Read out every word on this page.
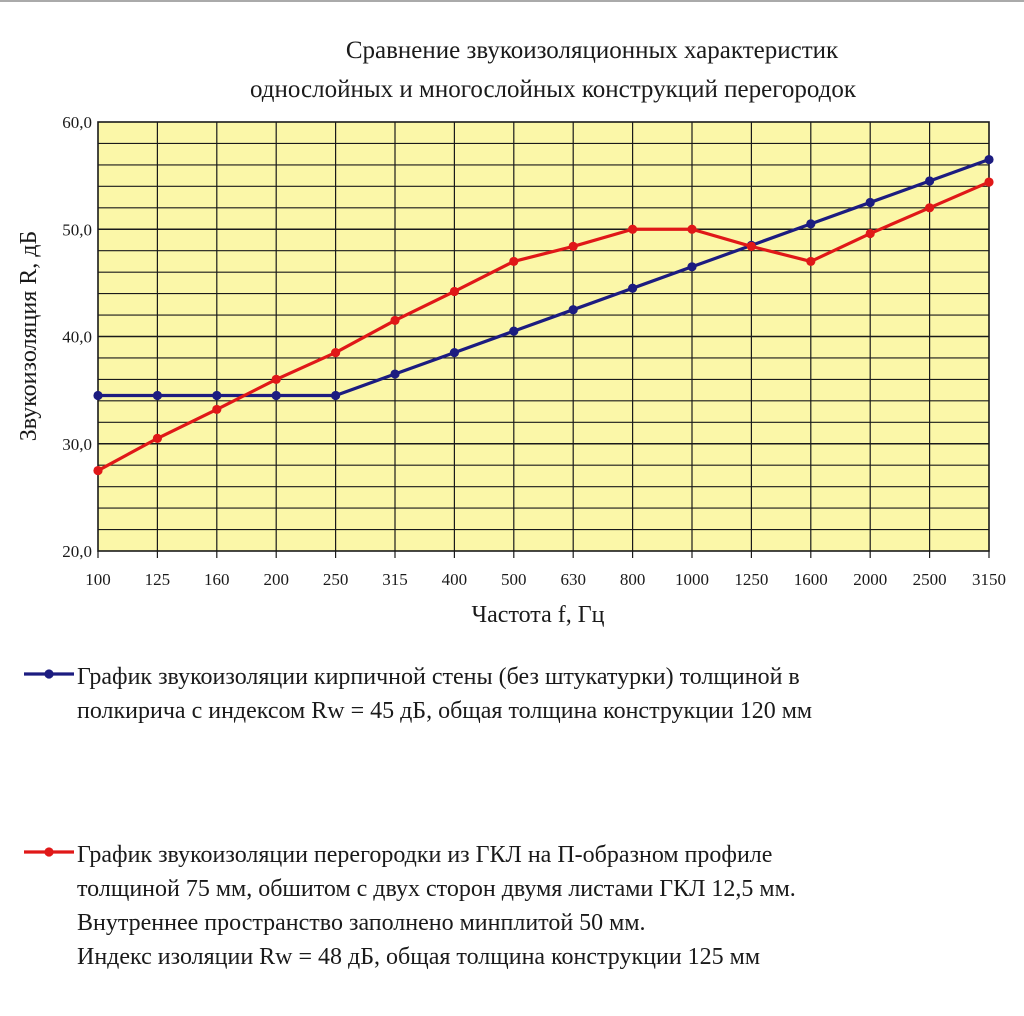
Сравнение звукоизоляционных характеристик
однослойных и многослойных конструкций перегородок
20,0
30,0
40,0
50,0
60,0
100 125 160 200 250 315 400 500 630 800 1000 1250 1600 2000 2500 3150
Звукоизоляция R, дБ
Частота f, Гц
График звукоизоляции кирпичной стены (без штукатурки) толщиной в
полкирича с индексом Rw = 45 дБ, общая толщина конструкции 120 мм
График звукоизоляции перегородки из ГКЛ на П-образном профиле
толщиной 75 мм, обшитом с двух сторон двумя листами ГКЛ 12,5 мм.
Внутреннее пространство заполнено минплитой 50 мм.
Индекс изоляции Rw = 48 дБ, общая толщина конструкции 125 мм
